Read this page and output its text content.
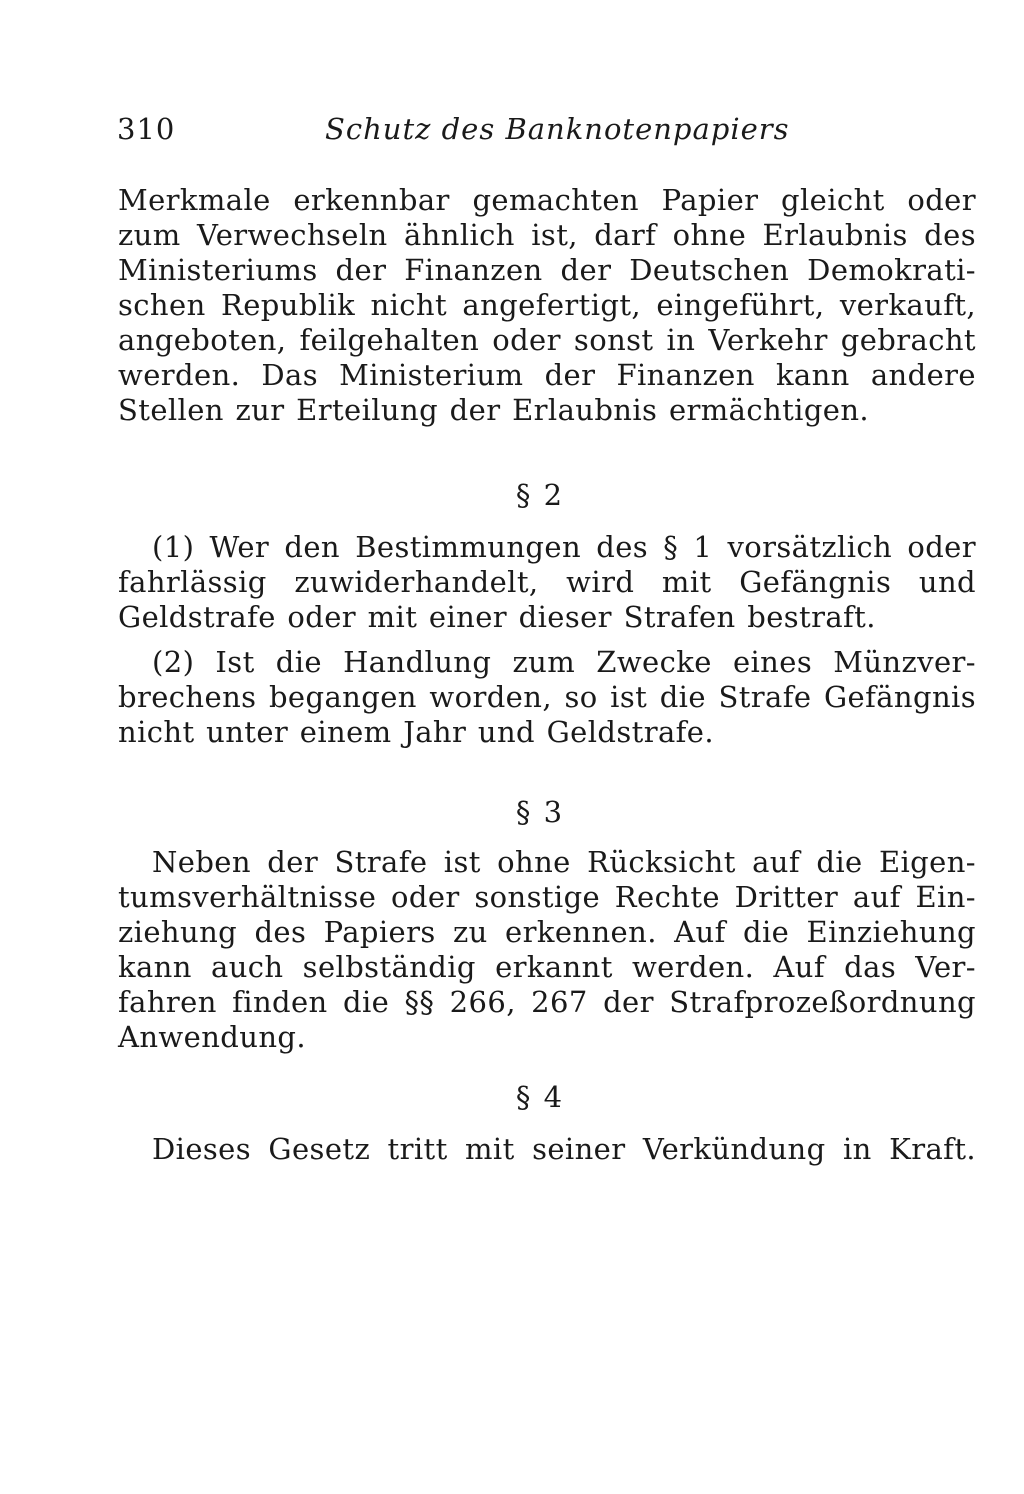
310	Schutz des Banknotenpapiers
Merkmale erkennbar gemachten Papier gleicht oder
zum Verwechseln ähnlich ist, darf ohne Erlaubnis des
Ministeriums der Finanzen der Deutschen Demokrati-
schen Republik nicht angefertigt, eingeführt, verkauft,
angeboten, feilgehalten oder sonst in Verkehr gebracht
werden. Das Ministerium der Finanzen kann andere
Stellen zur Erteilung der Erlaubnis ermächtigen.
§ 2
(1) Wer den Bestimmungen des § 1 vorsätzlich oder
fahrlässig zuwiderhandelt, wird mit Gefängnis und
Geldstrafe oder mit einer dieser Strafen bestraft.
(2) Ist die Handlung zum Zwecke eines Münzver-
brechens begangen worden, so ist die Strafe Gefängnis
nicht unter einem Jahr und Geldstrafe.
§ 3
Neben der Strafe ist ohne Rücksicht auf die Eigen-
tumsverhältnisse oder sonstige Rechte Dritter auf Ein-
ziehung des Papiers zu erkennen. Auf die Einziehung
kann auch selbständig erkannt werden. Auf das Ver-
fahren finden die §§ 266, 267 der Strafprozeßordnung
Anwendung.
§ 4
Dieses Gesetz tritt mit seiner Verkündung in Kraft.
